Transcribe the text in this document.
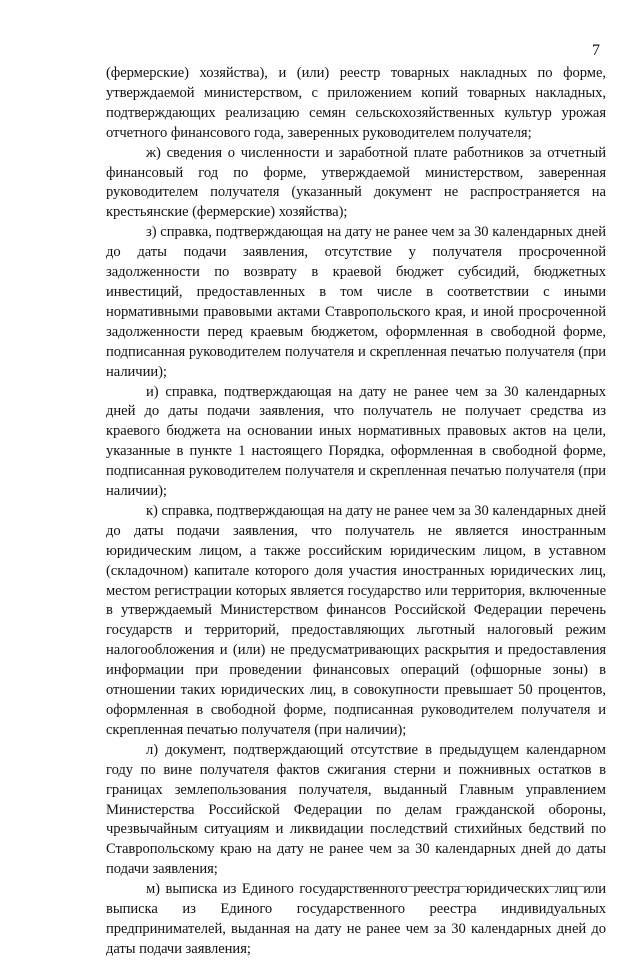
7

(фермерские) хозяйства), и (или) реестр товарных накладных по форме, утверждаемой министерством, с приложением копий товарных накладных, подтверждающих реализацию семян сельскохозяйственных культур урожая отчетного финансового года, заверенных руководителем получателя;

ж) сведения о численности и заработной плате работников за отчетный финансовый год по форме, утверждаемой министерством, заверенная руководителем получателя (указанный документ не распространяется на крестьянские (фермерские) хозяйства);

з) справка, подтверждающая на дату не ранее чем за 30 календарных дней до даты подачи заявления, отсутствие у получателя просроченной задолженности по возврату в краевой бюджет субсидий, бюджетных инвестиций, предоставленных в том числе в соответствии с иными нормативными правовыми актами Ставропольского края, и иной просроченной задолженности перед краевым бюджетом, оформленная в свободной форме, подписанная руководителем получателя и скрепленная печатью получателя (при наличии);

и) справка, подтверждающая на дату не ранее чем за 30 календарных дней до даты подачи заявления, что получатель не получает средства из краевого бюджета на основании иных нормативных правовых актов на цели, указанные в пункте 1 настоящего Порядка, оформленная в свободной форме, подписанная руководителем получателя и скрепленная печатью получателя (при наличии);

к) справка, подтверждающая на дату не ранее чем за 30 календарных дней до даты подачи заявления, что получатель не является иностранным юридическим лицом, а также российским юридическим лицом, в уставном (складочном) капитале которого доля участия иностранных юридических лиц, местом регистрации которых является государство или территория, включенные в утверждаемый Министерством финансов Российской Федерации перечень государств и территорий, предоставляющих льготный налоговый режим налогообложения и (или) не предусматривающих раскрытия и предоставления информации при проведении финансовых операций (офшорные зоны) в отношении таких юридических лиц, в совокупности превышает 50 процентов, оформленная в свободной форме, подписанная руководителем получателя и скрепленная печатью получателя (при наличии);

л) документ, подтверждающий отсутствие в предыдущем календарном году по вине получателя фактов сжигания стерни и пожнивных остатков в границах землепользования получателя, выданный Главным управлением Министерства Российской Федерации по делам гражданской обороны, чрезвычайным ситуациям и ликвидации последствий стихийных бедствий по Ставропольскому краю на дату не ранее чем за 30 календарных дней до даты подачи заявления;

м) выписка из Единого государственного реестра юридических лиц или выписка из Единого государственного реестра индивидуальных предпринимателей, выданная на дату не ранее чем за 30 календарных дней до даты подачи заявления;
